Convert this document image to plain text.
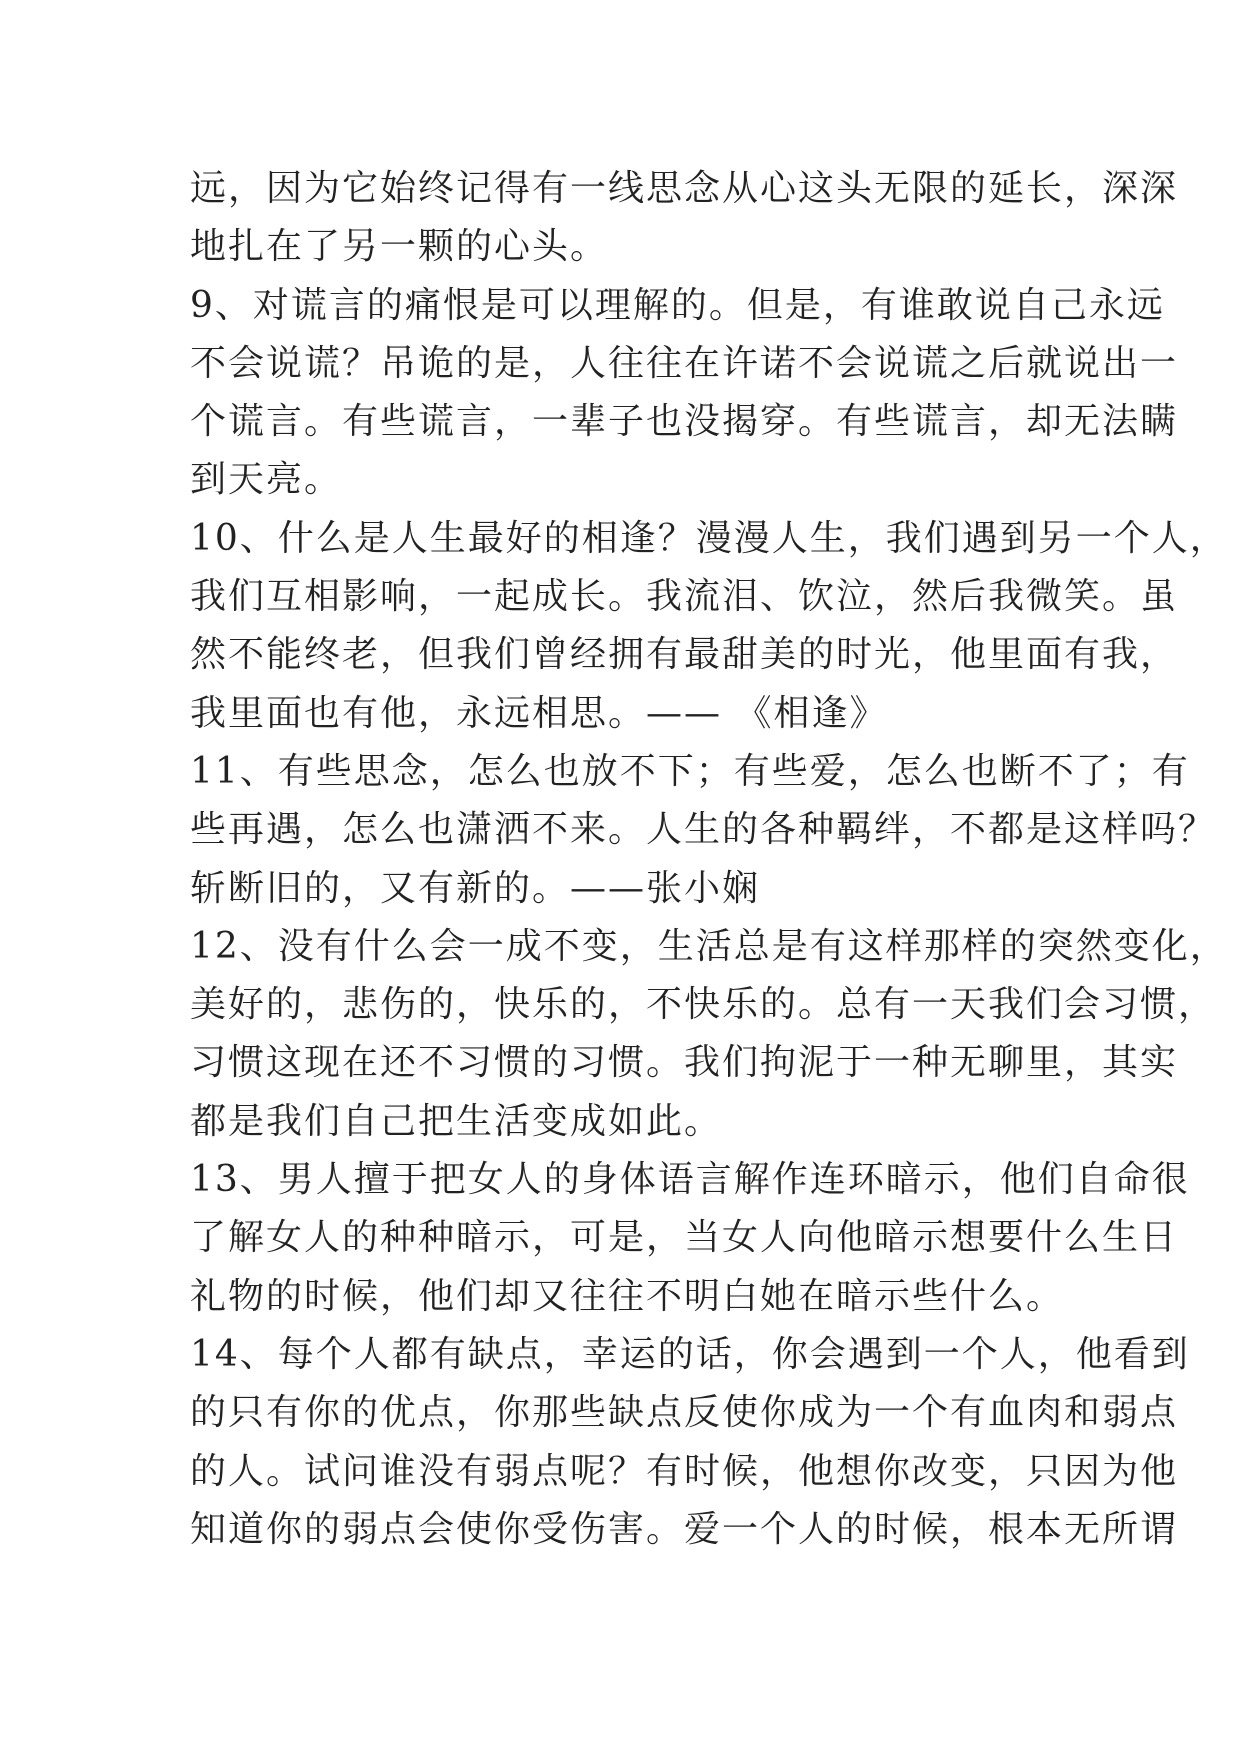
远，因为它始终记得有一线思念从心这头无限的延长，深深
地扎在了另一颗的心头。
9、对谎言的痛恨是可以理解的。但是，有谁敢说自己永远
不会说谎？吊诡的是，人往往在许诺不会说谎之后就说出一
个谎言。有些谎言，一辈子也没揭穿。有些谎言，却无法瞒
到天亮。
10、什么是人生最好的相逢？漫漫人生，我们遇到另一个人，
我们互相影响，一起成长。我流泪、饮泣，然后我微笑。虽
然不能终老，但我们曾经拥有最甜美的时光，他里面有我，
我里面也有他，永远相思。—— 《相逢》
11、有些思念，怎么也放不下；有些爱，怎么也断不了；有
些再遇，怎么也潇洒不来。人生的各种羁绊，不都是这样吗？
斩断旧的，又有新的。——张小娴
12、没有什么会一成不变，生活总是有这样那样的突然变化，
美好的，悲伤的，快乐的，不快乐的。总有一天我们会习惯，
习惯这现在还不习惯的习惯。我们拘泥于一种无聊里，其实
都是我们自己把生活变成如此。
13、男人擅于把女人的身体语言解作连环暗示，他们自命很
了解女人的种种暗示，可是，当女人向他暗示想要什么生日
礼物的时候，他们却又往往不明白她在暗示些什么。
14、每个人都有缺点，幸运的话，你会遇到一个人，他看到
的只有你的优点，你那些缺点反使你成为一个有血肉和弱点
的人。试问谁没有弱点呢？有时候，他想你改变，只因为他
知道你的弱点会使你受伤害。爱一个人的时候，根本无所谓
